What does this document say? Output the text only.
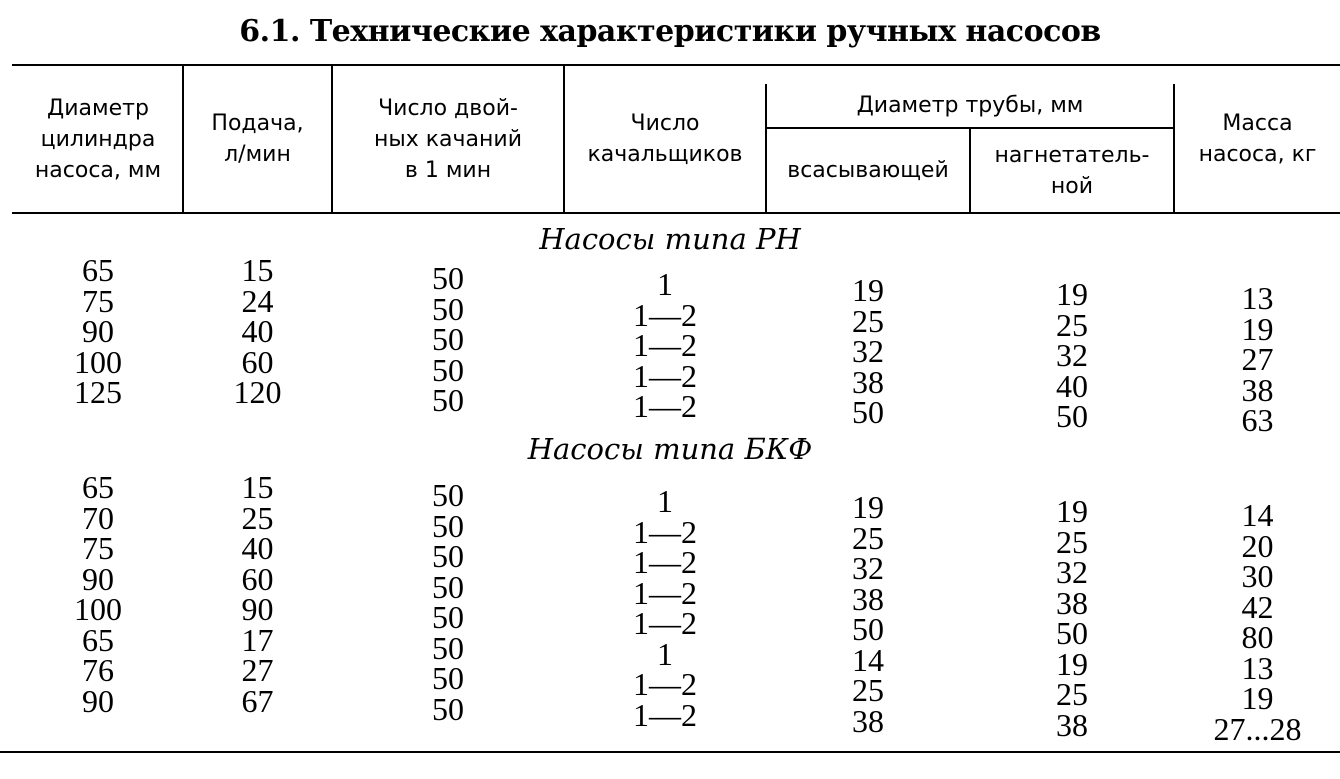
6.1. Технические характеристики ручных насосов
Диаметр
цилиндра
насоса, мм
Подача,
л/мин
Число двой-
ных качаний
в 1 мин
Число
качальщиков
Диаметр трубы, мм
всасывающей
нагнетатель-
ной
Масса
насоса, кг
Насосы типа РН
Насосы типа БКФ
65
75
90
100
125
15
24
40
60
120
50
50
50
50
50
1
1—2
1—2
1—2
1—2
19
25
32
38
50
19
25
32
40
50
13
19
27
38
63
65
70
75
90
100
65
76
90
15
25
40
60
90
17
27
67
50
50
50
50
50
50
50
50
1
1—2
1—2
1—2
1—2
1
1—2
1—2
19
25
32
38
50
14
25
38
19
25
32
38
50
19
25
38
14
20
30
42
80
13
19
27...28
